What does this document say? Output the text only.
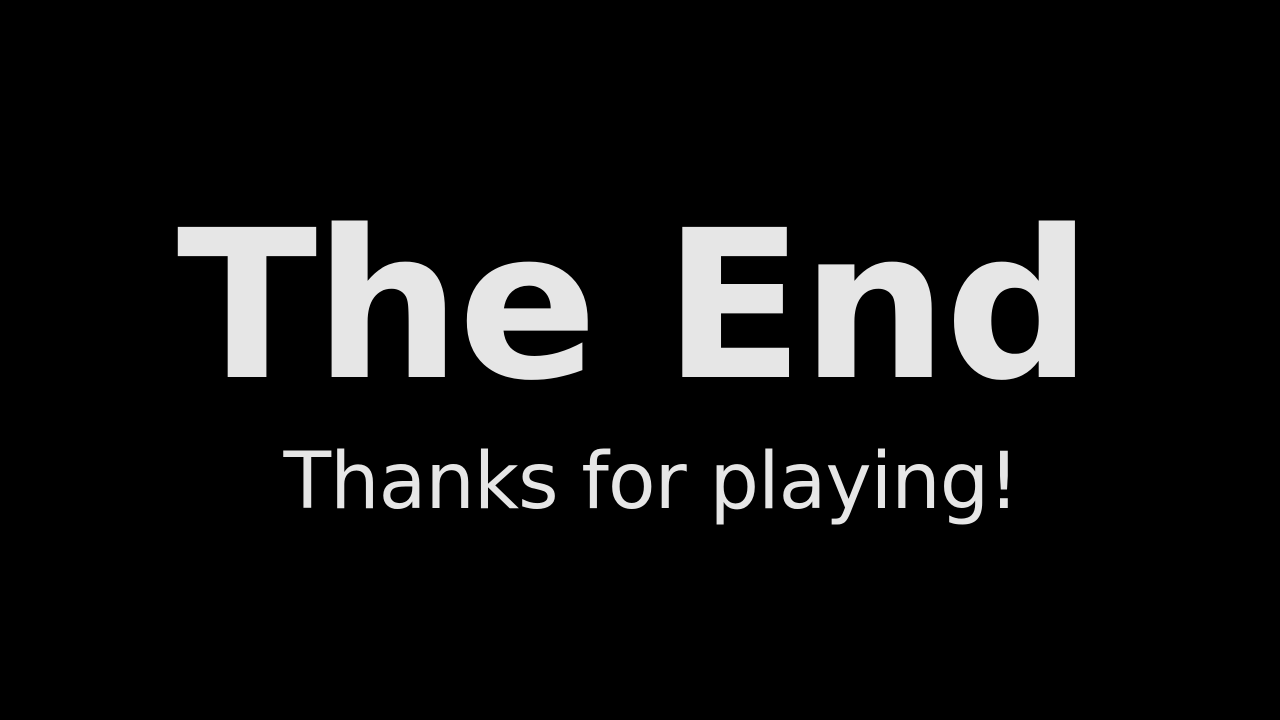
The End

Thanks for playing!
